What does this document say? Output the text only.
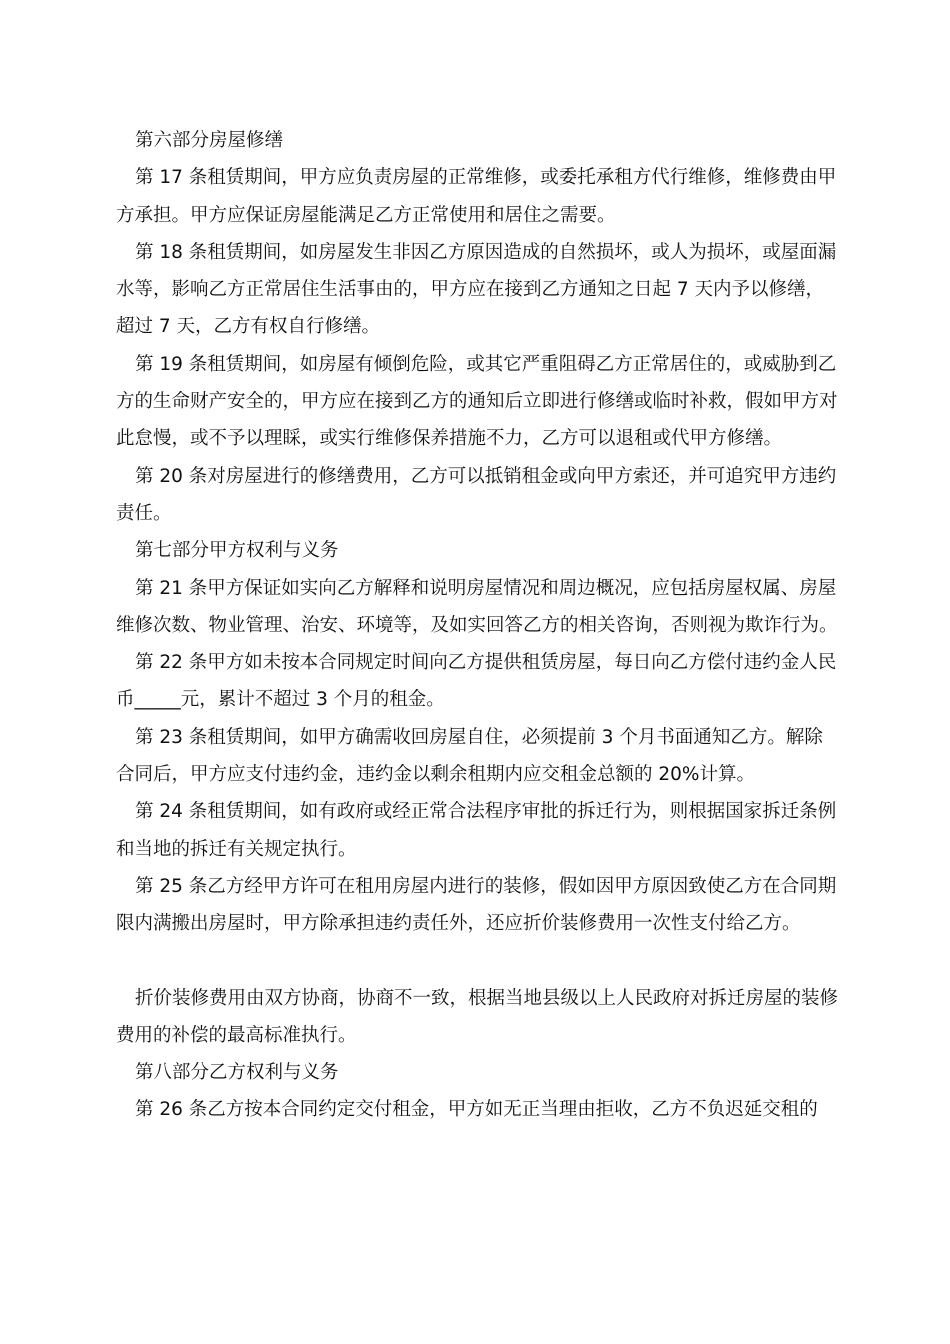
第六部分房屋修缮

第 17 条租赁期间，甲方应负责房屋的正常维修，或委托承租方代行维修，维修费由甲方承担。甲方应保证房屋能满足乙方正常使用和居住之需要。

第 18 条租赁期间，如房屋发生非因乙方原因造成的自然损坏，或人为损坏，或屋面漏水等，影响乙方正常居住生活事由的，甲方应在接到乙方通知之日起 7 天内予以修缮，超过 7 天，乙方有权自行修缮。

第 19 条租赁期间，如房屋有倾倒危险，或其它严重阻碍乙方正常居住的，或威胁到乙方的生命财产安全的，甲方应在接到乙方的通知后立即进行修缮或临时补救，假如甲方对此怠慢，或不予以理睬，或实行维修保养措施不力，乙方可以退租或代甲方修缮。

第 20 条对房屋进行的修缮费用，乙方可以抵销租金或向甲方索还，并可追究甲方违约责任。

第七部分甲方权利与义务

第 21 条甲方保证如实向乙方解释和说明房屋情况和周边概况，应包括房屋权属、房屋维修次数、物业管理、治安、环境等，及如实回答乙方的相关咨询，否则视为欺诈行为。

第 22 条甲方如未按本合同规定时间向乙方提供租赁房屋，每日向乙方偿付违约金人民币_____元，累计不超过 3 个月的租金。

第 23 条租赁期间，如甲方确需收回房屋自住，必须提前 3 个月书面通知乙方。解除合同后，甲方应支付违约金，违约金以剩余租期内应交租金总额的 20%计算。

第 24 条租赁期间，如有政府或经正常合法程序审批的拆迁行为，则根据国家拆迁条例和当地的拆迁有关规定执行。

第 25 条乙方经甲方许可在租用房屋内进行的装修，假如因甲方原因致使乙方在合同期限内满搬出房屋时，甲方除承担违约责任外，还应折价装修费用一次性支付给乙方。

折价装修费用由双方协商，协商不一致，根据当地县级以上人民政府对拆迁房屋的装修费用的补偿的最高标准执行。

第八部分乙方权利与义务

第 26 条乙方按本合同约定交付租金，甲方如无正当理由拒收，乙方不负迟延交租的
